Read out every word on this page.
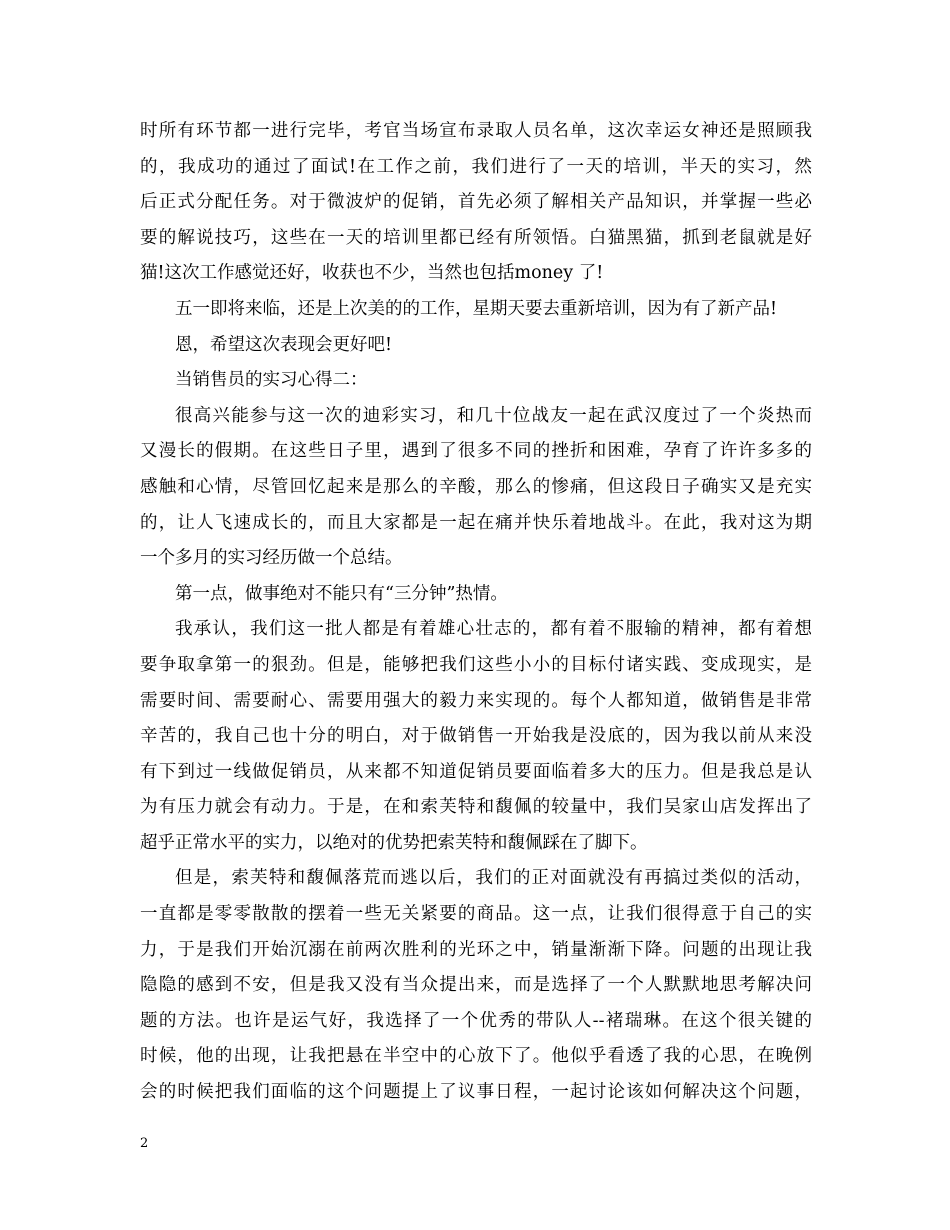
时所有环节都一进行完毕，考官当场宣布录取人员名单，这次幸运女神还是照顾我
的，我成功的通过了面试!在工作之前，我们进行了一天的培训，半天的实习，然
后正式分配任务。对于微波炉的促销，首先必须了解相关产品知识，并掌握一些必
要的解说技巧，这些在一天的培训里都已经有所领悟。白猫黑猫，抓到老鼠就是好
猫!这次工作感觉还好，收获也不少，当然也包括money 了!
五一即将来临，还是上次美的的工作，星期天要去重新培训，因为有了新产品!
恩，希望这次表现会更好吧!
当销售员的实习心得二：
很高兴能参与这一次的迪彩实习，和几十位战友一起在武汉度过了一个炎热而
又漫长的假期。在这些日子里，遇到了很多不同的挫折和困难，孕育了许许多多的
感触和心情，尽管回忆起来是那么的辛酸，那么的惨痛，但这段日子确实又是充实
的，让人飞速成长的，而且大家都是一起在痛并快乐着地战斗。在此，我对这为期
一个多月的实习经历做一个总结。
第一点，做事绝对不能只有“三分钟”热情。
我承认，我们这一批人都是有着雄心壮志的，都有着不服输的精神，都有着想
要争取拿第一的狠劲。但是，能够把我们这些小小的目标付诸实践、变成现实，是
需要时间、需要耐心、需要用强大的毅力来实现的。每个人都知道，做销售是非常
辛苦的，我自己也十分的明白，对于做销售一开始我是没底的，因为我以前从来没
有下到过一线做促销员，从来都不知道促销员要面临着多大的压力。但是我总是认
为有压力就会有动力。于是，在和索芙特和馥佩的较量中，我们吴家山店发挥出了
超乎正常水平的实力，以绝对的优势把索芙特和馥佩踩在了脚下。
但是，索芙特和馥佩落荒而逃以后，我们的正对面就没有再搞过类似的活动，
一直都是零零散散的摆着一些无关紧要的商品。这一点，让我们很得意于自己的实
力，于是我们开始沉溺在前两次胜利的光环之中，销量渐渐下降。问题的出现让我
隐隐的感到不安，但是我又没有当众提出来，而是选择了一个人默默地思考解决问
题的方法。也许是运气好，我选择了一个优秀的带队人--褚瑞琳。在这个很关键的
时候，他的出现，让我把悬在半空中的心放下了。他似乎看透了我的心思，在晚例
会的时候把我们面临的这个问题提上了议事日程，一起讨论该如何解决这个问题，
2
